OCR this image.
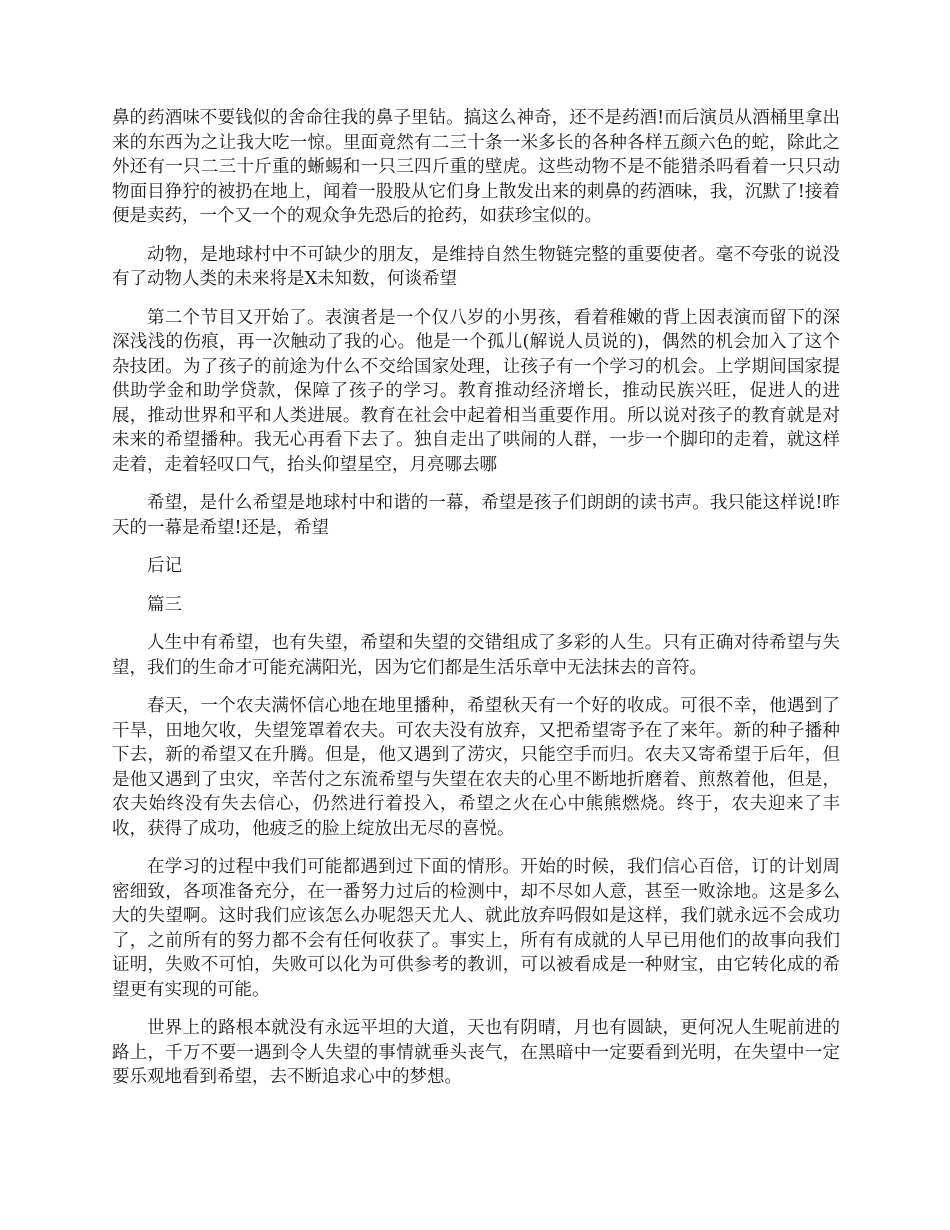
鼻的药酒味不要钱似的舍命往我的鼻子里钻。搞这么神奇，还不是药酒!而后演员从酒桶里拿出来的东西为之让我大吃一惊。里面竟然有二三十条一米多长的各种各样五颜六色的蛇，除此之外还有一只二三十斤重的蜥蜴和一只三四斤重的壁虎。这些动物不是不能猎杀吗看着一只只动物面目狰狞的被扔在地上，闻着一股股从它们身上散发出来的刺鼻的药酒味，我，沉默了!接着便是卖药，一个又一个的观众争先恐后的抢药，如获珍宝似的。

动物，是地球村中不可缺少的朋友，是维持自然生物链完整的重要使者。毫不夸张的说没有了动物人类的未来将是X未知数，何谈希望

第二个节目又开始了。表演者是一个仅八岁的小男孩，看着稚嫩的背上因表演而留下的深深浅浅的伤痕，再一次触动了我的心。他是一个孤儿(解说人员说的)，偶然的机会加入了这个杂技团。为了孩子的前途为什么不交给国家处理，让孩子有一个学习的机会。上学期间国家提供助学金和助学贷款，保障了孩子的学习。教育推动经济增长，推动民族兴旺，促进人的进展，推动世界和平和人类进展。教育在社会中起着相当重要作用。所以说对孩子的教育就是对未来的希望播种。我无心再看下去了。独自走出了哄闹的人群，一步一个脚印的走着，就这样走着，走着轻叹口气，抬头仰望星空，月亮哪去哪

希望，是什么希望是地球村中和谐的一幕，希望是孩子们朗朗的读书声。我只能这样说!昨天的一幕是希望!还是，希望

后记

篇三

人生中有希望，也有失望，希望和失望的交错组成了多彩的人生。只有正确对待希望与失望，我们的生命才可能充满阳光，因为它们都是生活乐章中无法抹去的音符。

春天，一个农夫满怀信心地在地里播种，希望秋天有一个好的收成。可很不幸，他遇到了干旱，田地欠收，失望笼罩着农夫。可农夫没有放弃，又把希望寄予在了来年。新的种子播种下去，新的希望又在升腾。但是，他又遇到了涝灾，只能空手而归。农夫又寄希望于后年，但是他又遇到了虫灾，辛苦付之东流希望与失望在农夫的心里不断地折磨着、煎熬着他，但是，农夫始终没有失去信心，仍然进行着投入，希望之火在心中熊熊燃烧。终于，农夫迎来了丰收，获得了成功，他疲乏的脸上绽放出无尽的喜悦。

在学习的过程中我们可能都遇到过下面的情形。开始的时候，我们信心百倍，订的计划周密细致，各项准备充分，在一番努力过后的检测中，却不尽如人意，甚至一败涂地。这是多么大的失望啊。这时我们应该怎么办呢怨天尤人、就此放弃吗假如是这样，我们就永远不会成功了，之前所有的努力都不会有任何收获了。事实上，所有有成就的人早已用他们的故事向我们证明，失败不可怕，失败可以化为可供参考的教训，可以被看成是一种财宝，由它转化成的希望更有实现的可能。

世界上的路根本就没有永远平坦的大道，天也有阴晴，月也有圆缺，更何况人生呢前进的路上，千万不要一遇到令人失望的事情就垂头丧气，在黑暗中一定要看到光明，在失望中一定要乐观地看到希望，去不断追求心中的梦想。
